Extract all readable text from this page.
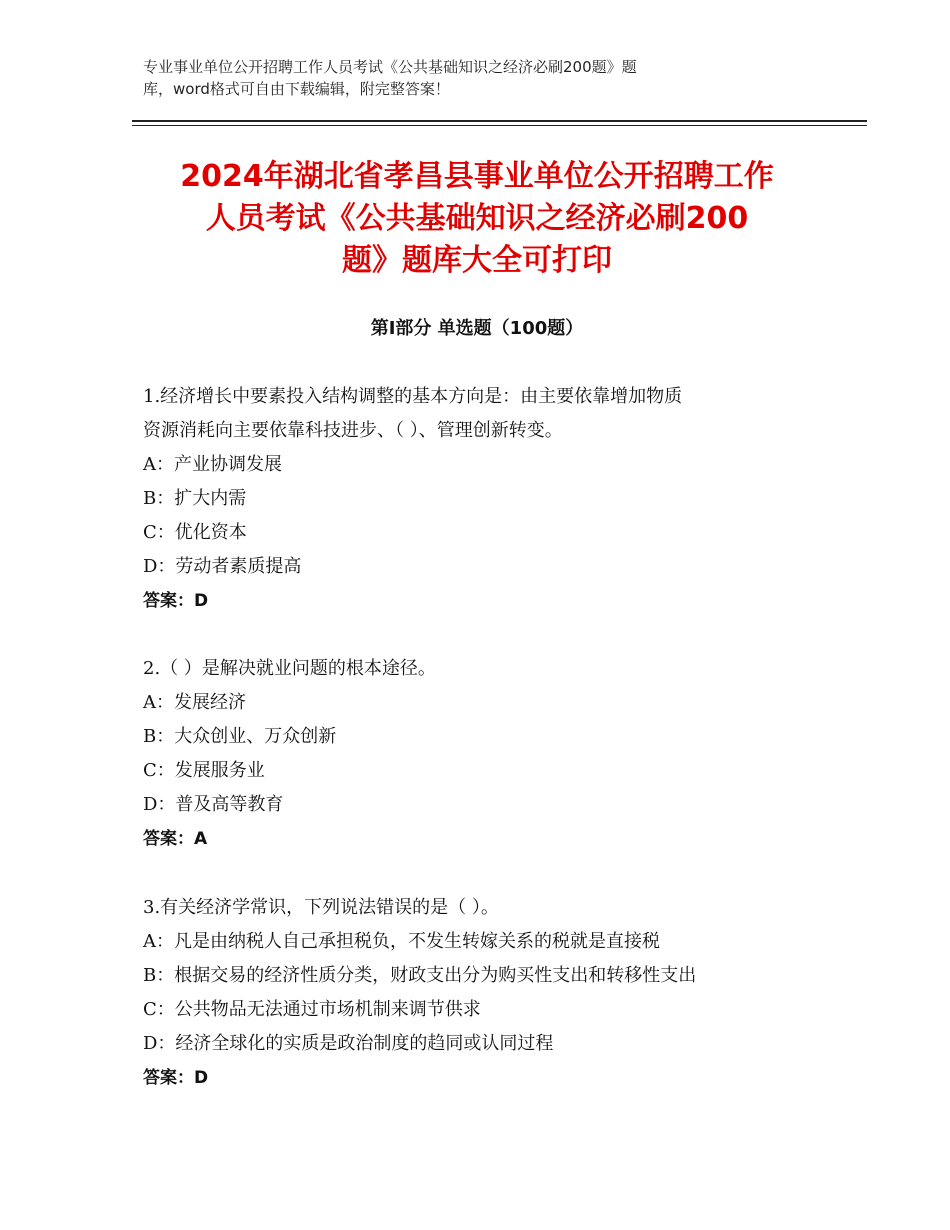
专业事业单位公开招聘工作人员考试《公共基础知识之经济必刷200题》题
库，word格式可自由下载编辑，附完整答案！
2024年湖北省孝昌县事业单位公开招聘工作
人员考试《公共基础知识之经济必刷200
题》题库大全可打印
第Ⅰ部分 单选题（100题）
1.经济增长中要素投入结构调整的基本方向是：由主要依靠增加物质
资源消耗向主要依靠科技进步、（ ）、管理创新转变。
A：产业协调发展
B：扩大内需
C：优化资本
D：劳动者素质提高
答案：D
2.（ ）是解决就业问题的根本途径。
A：发展经济
B：大众创业、万众创新
C：发展服务业
D：普及高等教育
答案：A
3.有关经济学常识，下列说法错误的是（ ）。
A：凡是由纳税人自己承担税负，不发生转嫁关系的税就是直接税
B：根据交易的经济性质分类，财政支出分为购买性支出和转移性支出
C：公共物品无法通过市场机制来调节供求
D：经济全球化的实质是政治制度的趋同或认同过程
答案：D
